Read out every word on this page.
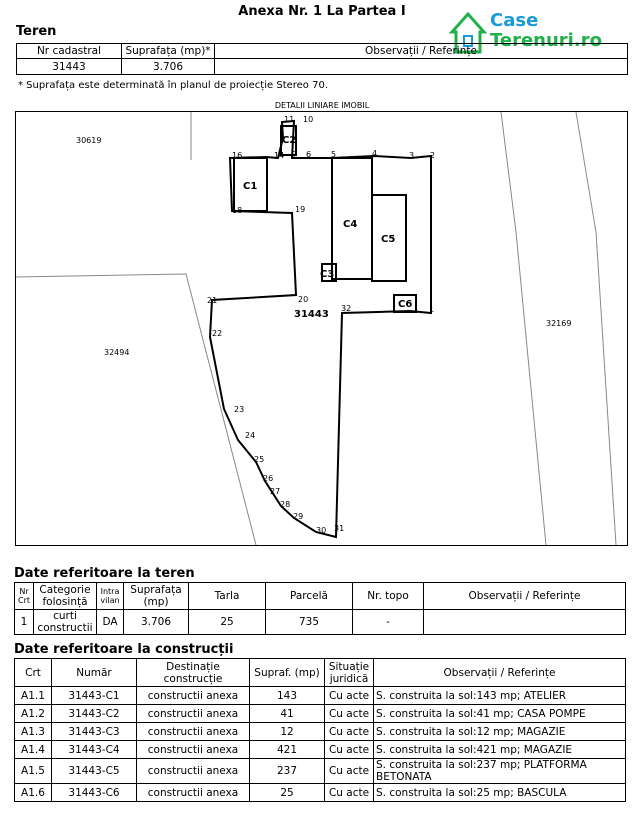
Anexa Nr. 1 La Partea I	Case
Terenuri.ro
Teren
Nr cadastral	Suprafața (mp)*	Observații / Referințe
31443	3.706	
* Suprafața este determinată în planul de proiecție Stereo 70.
DETALII LINIARE IMOBIL
C1
C2
C3
C4
C5
C6
31443
30619
32494
32169
1
2
3
4
5
6
7
10
11
14
16
18	19
20
21
22
23
24
25
26
27
28
29
30 31
32
Date referitoare la teren
Nr Crt	Categorie folosință	Intra vilan	Suprafața (mp)	Tarla	Parcelă	Nr. topo	Observații / Referințe
1	curti constructii	DA	3.706	25	735	-	
Date referitoare la construcții
Crt	Număr	Destinație construcție	Supraf. (mp)	Situație juridică	Observații / Referințe
A1.1	31443-C1	constructii anexa	143	Cu acte	S. construita la sol:143 mp; ATELIER
A1.2	31443-C2	constructii anexa	41	Cu acte	S. construita la sol:41 mp; CASA POMPE
A1.3	31443-C3	constructii anexa	12	Cu acte	S. construita la sol:12 mp; MAGAZIE
A1.4	31443-C4	constructii anexa	421	Cu acte	S. construita la sol:421 mp; MAGAZIE
A1.5	31443-C5	constructii anexa	237	Cu acte	S. construita la sol:237 mp; PLATFORMA BETONATA
A1.6	31443-C6	constructii anexa	25	Cu acte	S. construita la sol:25 mp; BASCULA
